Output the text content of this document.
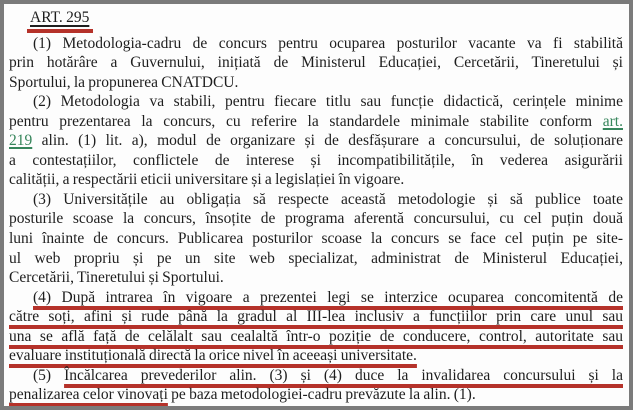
ART. 295
(1) Metodologia-cadru de concurs pentru ocuparea posturilor vacante va fi stabilită
prin hotărâre a Guvernului, inițiată de Ministerul Educației, Cercetării, Tineretului și
Sportului, la propunerea CNATDCU.
(2) Metodologia va stabili, pentru fiecare titlu sau funcție didactică, cerințele minime
pentru prezentarea la concurs, cu referire la standardele minimale stabilite conform art.
219 alin. (1) lit. a), modul de organizare și de desfășurare a concursului, de soluționare
a contestațiilor, conflictele de interese și incompatibilitățile, în vederea asigurării
calității, a respectării eticii universitare și a legislației în vigoare.
(3) Universitățile au obligația să respecte această metodologie și să publice toate
posturile scoase la concurs, însoțite de programa aferentă concursului, cu cel puțin două
luni înainte de concurs. Publicarea posturilor scoase la concurs se face cel puțin pe site-
ul web propriu și pe un site web specializat, administrat de Ministerul Educației,
Cercetării, Tineretului și Sportului.
(4) După intrarea în vigoare a prezentei legi se interzice ocuparea concomitentă de
către soți, afini și rude până la gradul al III-lea inclusiv a funcțiilor prin care unul sau
una se află față de celălalt sau cealaltă într-o poziție de conducere, control, autoritate sau
evaluare instituțională directă la orice nivel în aceeași universitate.
(5) Încălcarea prevederilor alin. (3) și (4) duce la invalidarea concursului și la
penalizarea celor vinovați pe baza metodologiei-cadru prevăzute la alin. (1).
